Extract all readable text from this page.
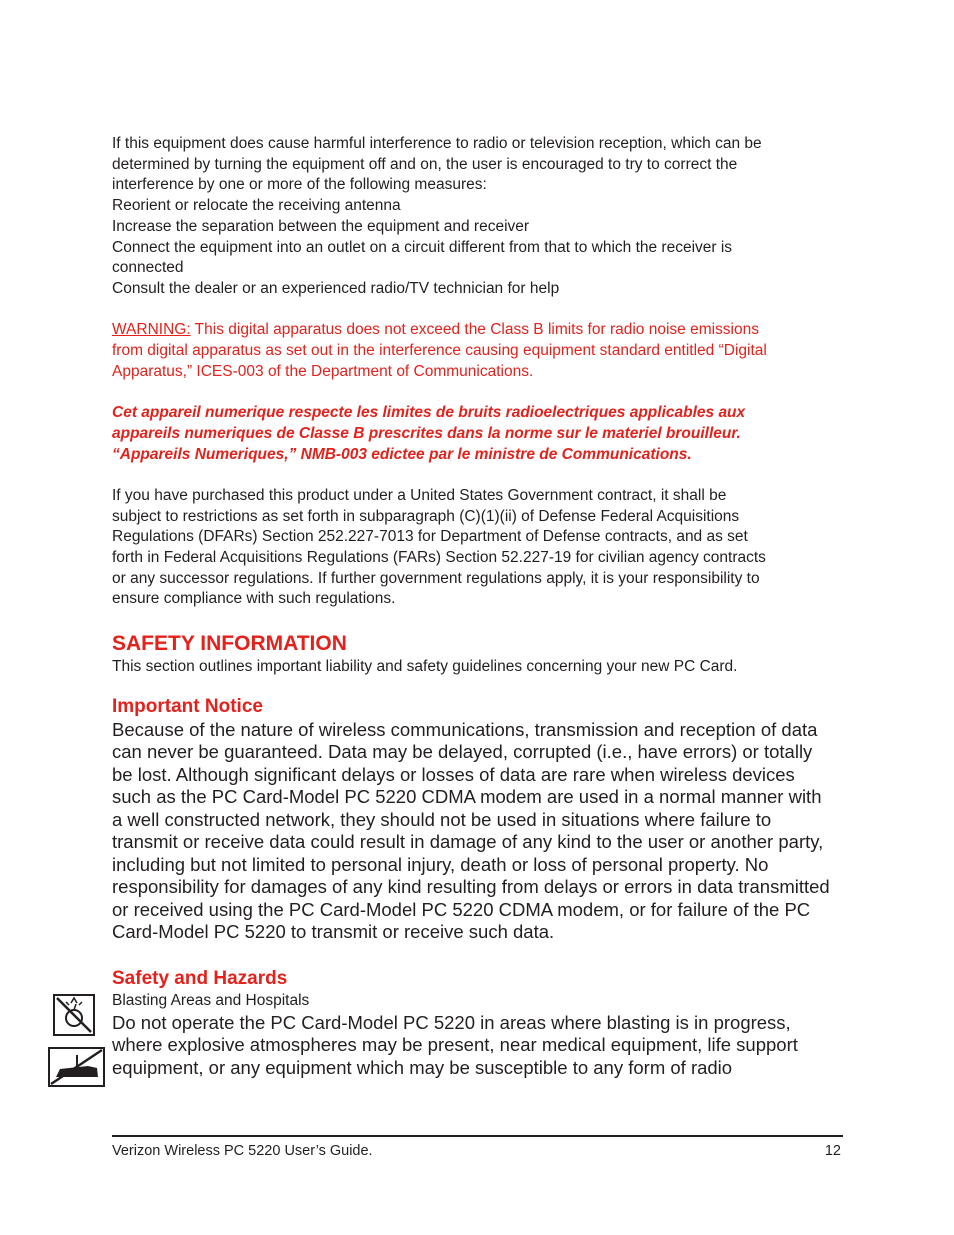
If this equipment does cause harmful interference to radio or television reception, which can be
determined by turning the equipment off and on, the user is encouraged to try to correct the
interference by one or more of the following measures:
Reorient or relocate the receiving antenna
Increase the separation between the equipment and receiver
Connect the equipment into an outlet on a circuit different from that to which the receiver is
connected
Consult the dealer or an experienced radio/TV technician for help
WARNING: This digital apparatus does not exceed the Class B limits for radio noise emissions
from digital apparatus as set out in the interference causing equipment standard entitled “Digital
Apparatus,” ICES-003 of the Department of Communications.
Cet appareil numerique respecte les limites de bruits radioelectriques applicables aux
appareils numeriques de Classe B prescrites dans la norme sur le materiel brouilleur.
“Appareils Numeriques,” NMB-003 edictee par le ministre de Communications.
If you have purchased this product under a United States Government contract, it shall be
subject to restrictions as set forth in subparagraph (C)(1)(ii) of Defense Federal Acquisitions
Regulations (DFARs) Section 252.227-7013 for Department of Defense contracts, and as set
forth in Federal Acquisitions Regulations (FARs) Section 52.227-19 for civilian agency contracts
or any successor regulations. If further government regulations apply, it is your responsibility to
ensure compliance with such regulations.
SAFETY INFORMATION

This section outlines important liability and safety guidelines concerning your new PC Card.

Important Notice
Because of the nature of wireless communications, transmission and reception of data
can never be guaranteed. Data may be delayed, corrupted (i.e., have errors) or totally
be lost. Although significant delays or losses of data are rare when wireless devices
such as the PC Card-Model PC 5220 CDMA modem are used in a normal manner with
a well constructed network, they should not be used in situations where failure to
transmit or receive data could result in damage of any kind to the user or another party,
including but not limited to personal injury, death or loss of personal property. No
responsibility for damages of any kind resulting from delays or errors in data transmitted
or received using the PC Card-Model PC 5220 CDMA modem, or for failure of the PC
Card-Model PC 5220 to transmit or receive such data.
Safety and Hazards

Blasting Areas and Hospitals

Do not operate the PC Card-Model PC 5220 in areas where blasting is in progress,
where explosive atmospheres may be present, near medical equipment, life support
equipment, or any equipment which may be susceptible to any form of radio
Verizon Wireless PC 5220 User’s Guide.	12
